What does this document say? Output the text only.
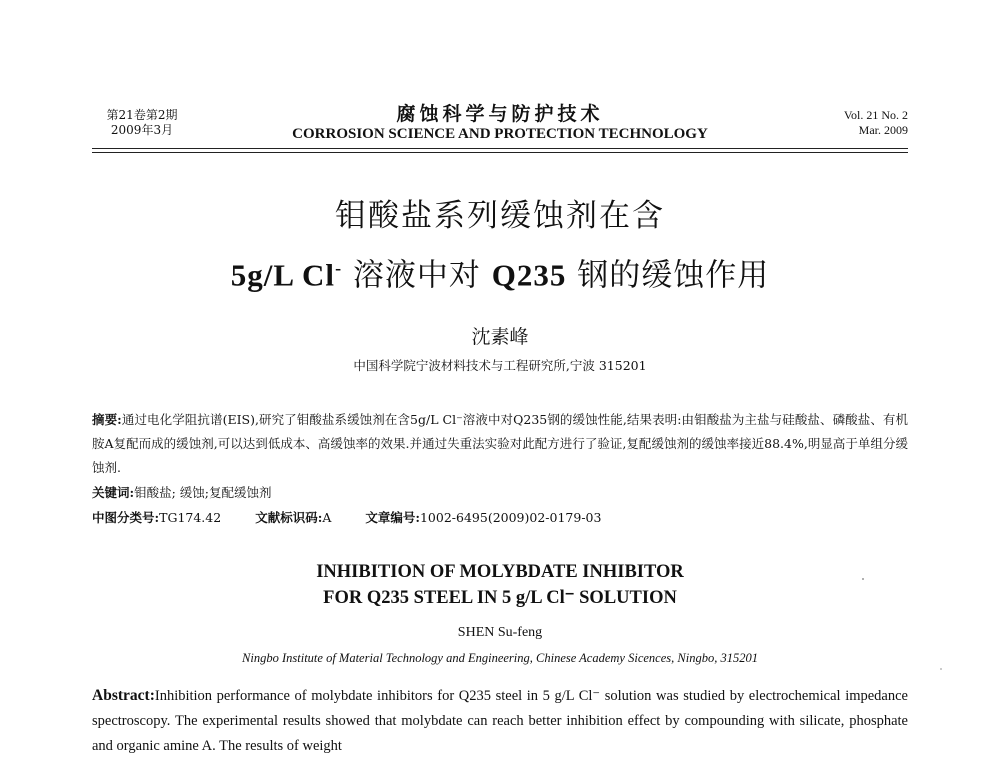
第21卷第2期
2009年3月
腐蚀科学与防护技术
CORROSION SCIENCE AND PROTECTION TECHNOLOGY
Vol. 21 No. 2
Mar. 2009
钼酸盐系列缓蚀剂在含
5g/L Cl- 溶液中对 Q235 钢的缓蚀作用
沈素峰
中国科学院宁波材料技术与工程研究所,宁波 315201
摘要:通过电化学阻抗谱(EIS),研究了钼酸盐系缓蚀剂在含5g/L Cl⁻溶液中对Q235钢的缓蚀性能,结果表明:由钼酸盐为主盐与硅酸盐、磷酸盐、有机胺A复配而成的缓蚀剂,可以达到低成本、高缓蚀率的效果.并通过失重法实验对此配方进行了验证,复配缓蚀剂的缓蚀率接近88.4%,明显高于单组分缓蚀剂.
关键词:钼酸盐; 缓蚀;复配缓蚀剂
中图分类号:TG174.42	文献标识码:A	文章编号:1002-6495(2009)02-0179-03
INHIBITION OF MOLYBDATE INHIBITOR
FOR Q235 STEEL IN 5 g/L Cl⁻ SOLUTION
SHEN Su-feng
Ningbo Institute of Material Technology and Engineering, Chinese Academy Sicences, Ningbo, 315201
Abstract:Inhibition performance of molybdate inhibitors for Q235 steel in 5 g/L Cl⁻ solution was studied by electrochemical impedance spectroscopy. The experimental results showed that molybdate can reach better inhibition effect by compounding with silicate, phosphate and organic amine A. The results of weight
